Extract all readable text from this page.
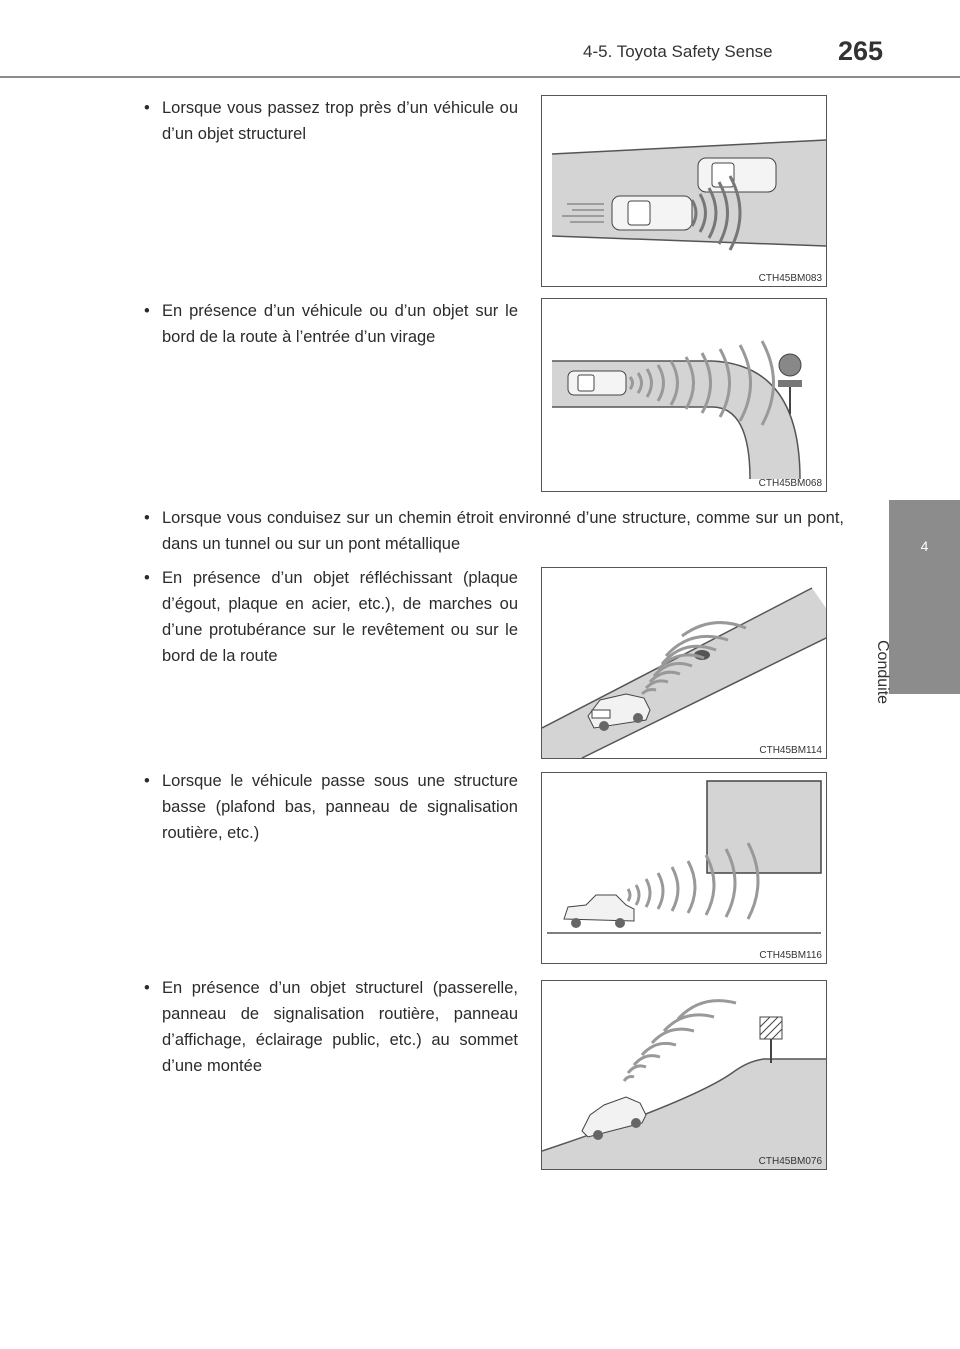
4-5. Toyota Safety Sense 265
4
Conduite
• Lorsque vous passez trop près d’un véhicule ou d’un objet structurel
CTH45BM083
• En présence d’un véhicule ou d’un objet sur le bord de la route à l’entrée d’un virage
CTH45BM068
• Lorsque vous conduisez sur un chemin étroit environné d’une structure, comme sur un pont, dans un tunnel ou sur un pont métallique
• En présence d’un objet réfléchissant (plaque d’égout, plaque en acier, etc.), de marches ou d’une protubérance sur le revêtement ou sur le bord de la route
CTH45BM114
• Lorsque le véhicule passe sous une structure basse (plafond bas, panneau de signalisation routière, etc.)
CTH45BM116
• En présence d’un objet structurel (passerelle, panneau de signalisation routière, panneau d’affichage, éclairage public, etc.) au sommet d’une montée
CTH45BM076
